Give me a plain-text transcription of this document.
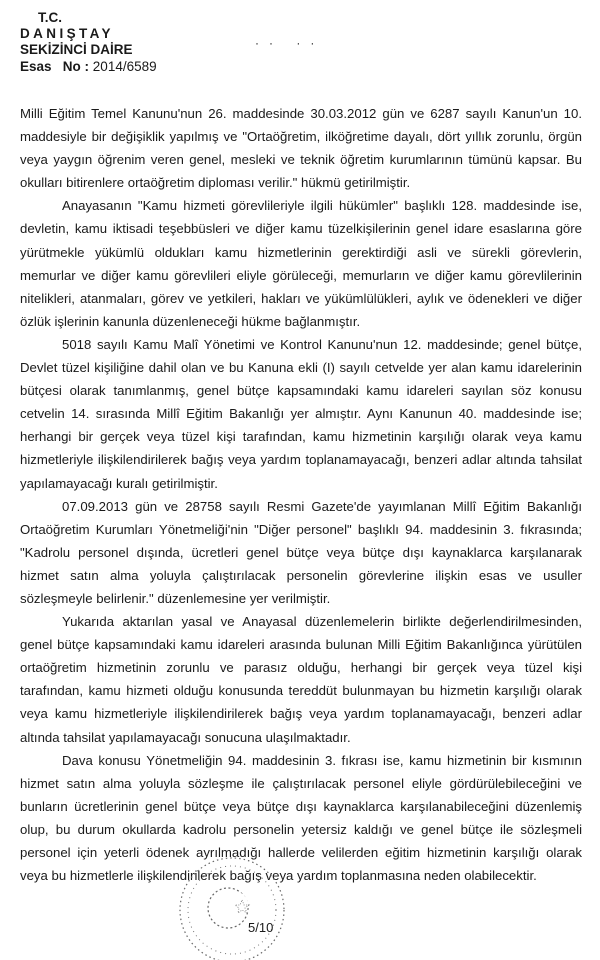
T.C.
DANIŞTAY
SEKİZİNCİ DAİRE
Esas   No : 2014/6589
·   ·       ·   ·
Milli Eğitim Temel Kanunu'nun 26. maddesinde 30.03.2012 gün ve 6287 sayılı Kanun'un 10.
maddesiyle bir değişiklik yapılmış ve "Ortaöğretim, ilköğretime dayalı, dört yıllık zorunlu, örgün
veya yaygın öğrenim veren genel, mesleki ve teknik öğretim kurumlarının tümünü kapsar. Bu
okulları bitirenlere ortaöğretim diploması verilir." hükmü getirilmiştir.
Anayasanın "Kamu hizmeti görevlileriyle ilgili hükümler" başlıklı 128. maddesinde ise,
devletin, kamu iktisadi teşebbüsleri ve diğer kamu tüzelkişilerinin genel idare esaslarına göre
yürütmekle yükümlü oldukları kamu hizmetlerinin gerektirdiği asli ve sürekli görevlerin,
memurlar ve diğer kamu görevlileri eliyle görüleceği, memurların ve diğer kamu görevlilerinin
nitelikleri, atanmaları, görev ve yetkileri, hakları ve yükümlülükleri, aylık ve ödenekleri ve diğer
özlük işlerinin kanunla düzenleneceği hükme bağlanmıştır.
5018 sayılı Kamu Malî Yönetimi ve Kontrol Kanunu'nun 12. maddesinde; genel bütçe,
Devlet tüzel kişiliğine dahil olan ve bu Kanuna ekli (I) sayılı cetvelde yer alan kamu idarelerinin
bütçesi olarak tanımlanmış, genel bütçe kapsamındaki kamu idareleri sayılan söz konusu
cetvelin 14. sırasında Millî Eğitim Bakanlığı yer almıştır. Aynı Kanunun 40. maddesinde ise;
herhangi bir gerçek veya tüzel kişi tarafından, kamu hizmetinin karşılığı olarak veya kamu
hizmetleriyle ilişkilendirilerek bağış veya yardım toplanamayacağı, benzeri adlar altında tahsilat
yapılamayacağı kuralı getirilmiştir.
07.09.2013 gün ve 28758 sayılı Resmi Gazete'de yayımlanan Millî Eğitim Bakanlığı
Ortaöğretim Kurumları Yönetmeliği'nin "Diğer personel" başlıklı 94. maddesinin 3. fıkrasında;
"Kadrolu personel dışında, ücretleri genel bütçe veya bütçe dışı kaynaklarca karşılanarak
hizmet satın alma yoluyla çalıştırılacak personelin görevlerine ilişkin esas ve usuller
sözleşmeyle belirlenir." düzenlemesine yer verilmiştir.
Yukarıda aktarılan yasal ve Anayasal düzenlemelerin birlikte değerlendirilmesinden,
genel bütçe kapsamındaki kamu idareleri arasında bulunan Milli Eğitim Bakanlığınca yürütülen
ortaöğretim hizmetinin zorunlu ve parasız olduğu, herhangi bir gerçek veya tüzel kişi
tarafından, kamu hizmeti olduğu konusunda tereddüt bulunmayan bu hizmetin karşılığı olarak
veya kamu hizmetleriyle ilişkilendirilerek bağış veya yardım toplanamayacağı, benzeri adlar
altında tahsilat yapılamayacağı sonucuna ulaşılmaktadır.
Dava konusu Yönetmeliğin 94. maddesinin 3. fıkrası ise, kamu hizmetinin bir kısmının
hizmet satın alma yoluyla sözleşme ile çalıştırılacak personel eliyle gördürülebileceğini ve
bunların ücretlerinin genel bütçe veya bütçe dışı kaynaklarca karşılanabileceğini düzenlemiş
olup, bu durum okullarda kadrolu personelin yetersiz kaldığı ve genel bütçe ile sözleşmeli
personel için yeterli ödenek ayrılmadığı hallerde velilerden eğitim hizmetinin karşılığı olarak
veya bu hizmetlerle ilişkilendirilerek bağış veya yardım toplanmasına neden olabilecektir.
5/10
